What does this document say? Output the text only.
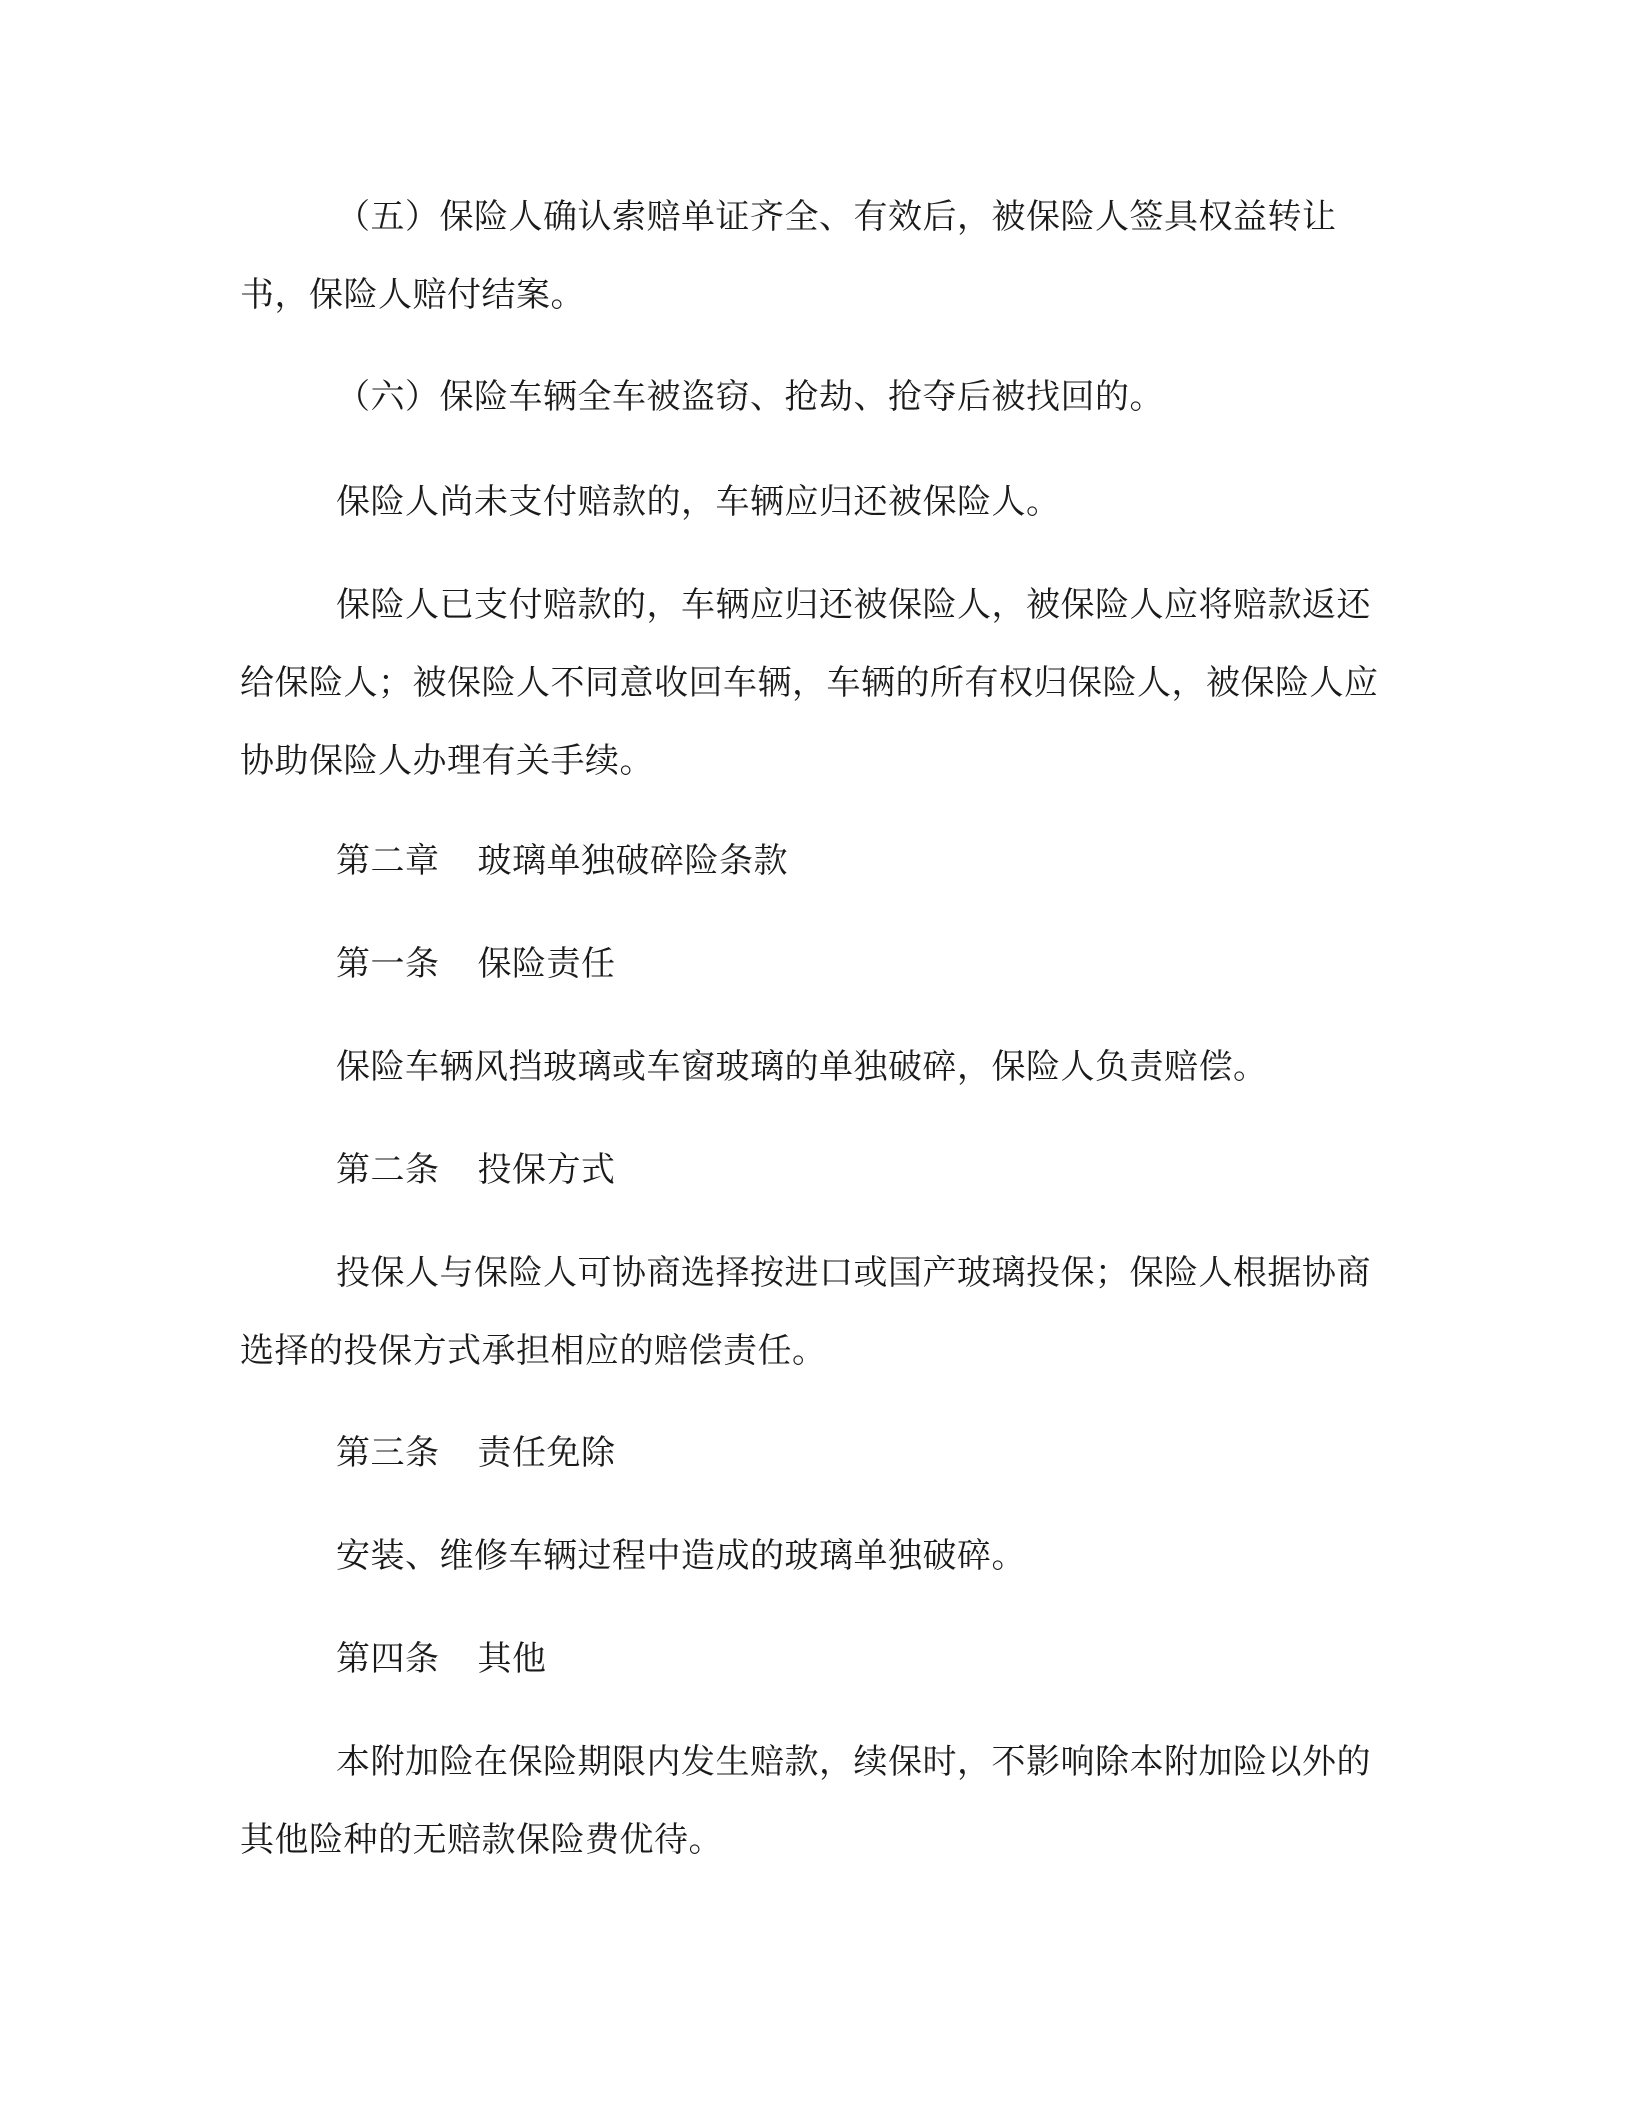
（五）保险人确认索赔单证齐全、有效后，被保险人签具权益转让书，保险人赔付结案。

（六）保险车辆全车被盗窃、抢劫、抢夺后被找回的。

保险人尚未支付赔款的，车辆应归还被保险人。

保险人已支付赔款的，车辆应归还被保险人，被保险人应将赔款返还给保险人；被保险人不同意收回车辆，车辆的所有权归保险人，被保险人应协助保险人办理有关手续。

第二章 玻璃单独破碎险条款
第一条 保险责任

保险车辆风挡玻璃或车窗玻璃的单独破碎，保险人负责赔偿。

第二条 投保方式

投保人与保险人可协商选择按进口或国产玻璃投保；保险人根据协商选择的投保方式承担相应的赔偿责任。

第三条 责任免除

安装、维修车辆过程中造成的玻璃单独破碎。

第四条 其他

本附加险在保险期限内发生赔款，续保时，不影响除本附加险以外的其他险种的无赔款保险费优待。
